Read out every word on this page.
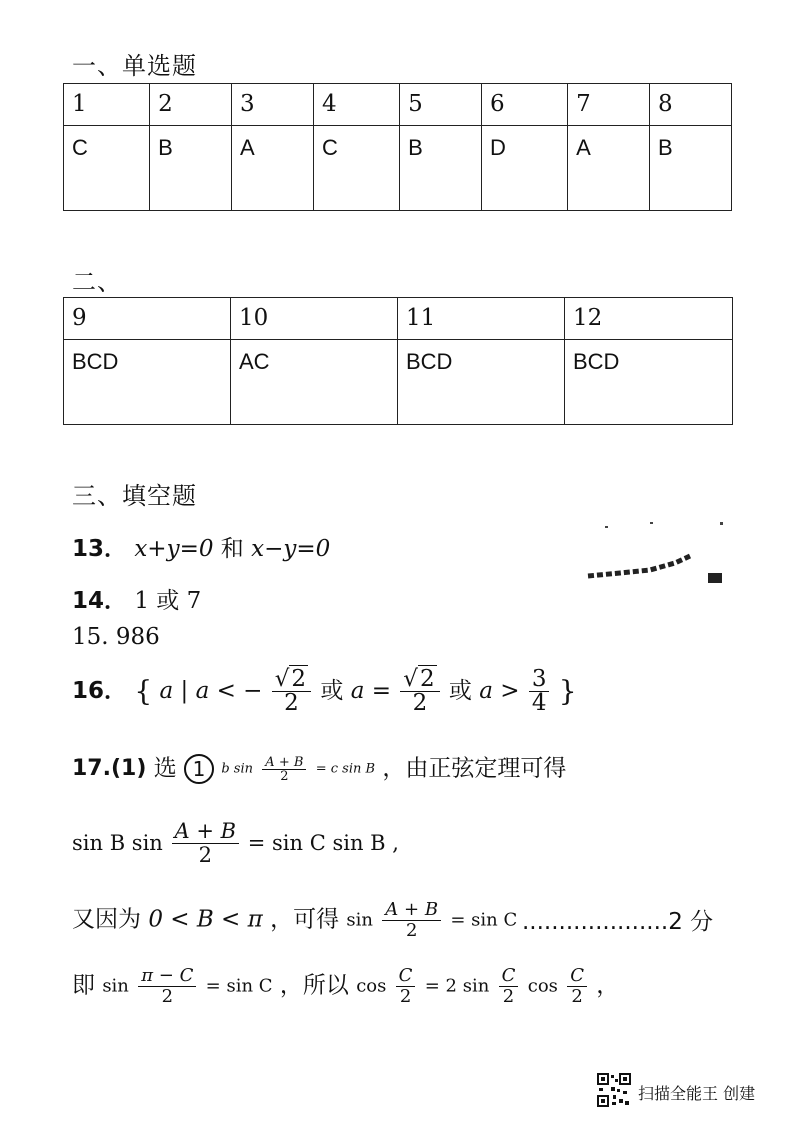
一、单选题
1	2	3	4	5	6	7	8
C	B	A	C	B	D	A	B
二、
9	10	11	12
BCD	AC	BCD	BCD
三、填空题
13． x+y=0 和 x−y=0
14． 1 或 7
15. 986
16． { a | a < − $\frac{√2}{2}$ 或 $a = \frac{√2}{2}$ 或 $a > \frac{3}{4}$ }
17.(1) 选 1 b $\sin \frac{A + B}{2} = c$ sin B ，由正弦定理可得
sin B $\sin \frac{A + B}{2} = \sin C$ sin B ,
又因为 0 < B < π ，可得 $\sin \frac{A + B}{2} = \sin C$ ....................2 分
即 $\sin \frac{\pi - C}{2} = \sin C$ ，所以 $\cos \frac{C}{2} = 2$ $\sin \frac{C}{2}$ $\cos \frac{C}{2}$ ，
扫描全能王 创建
